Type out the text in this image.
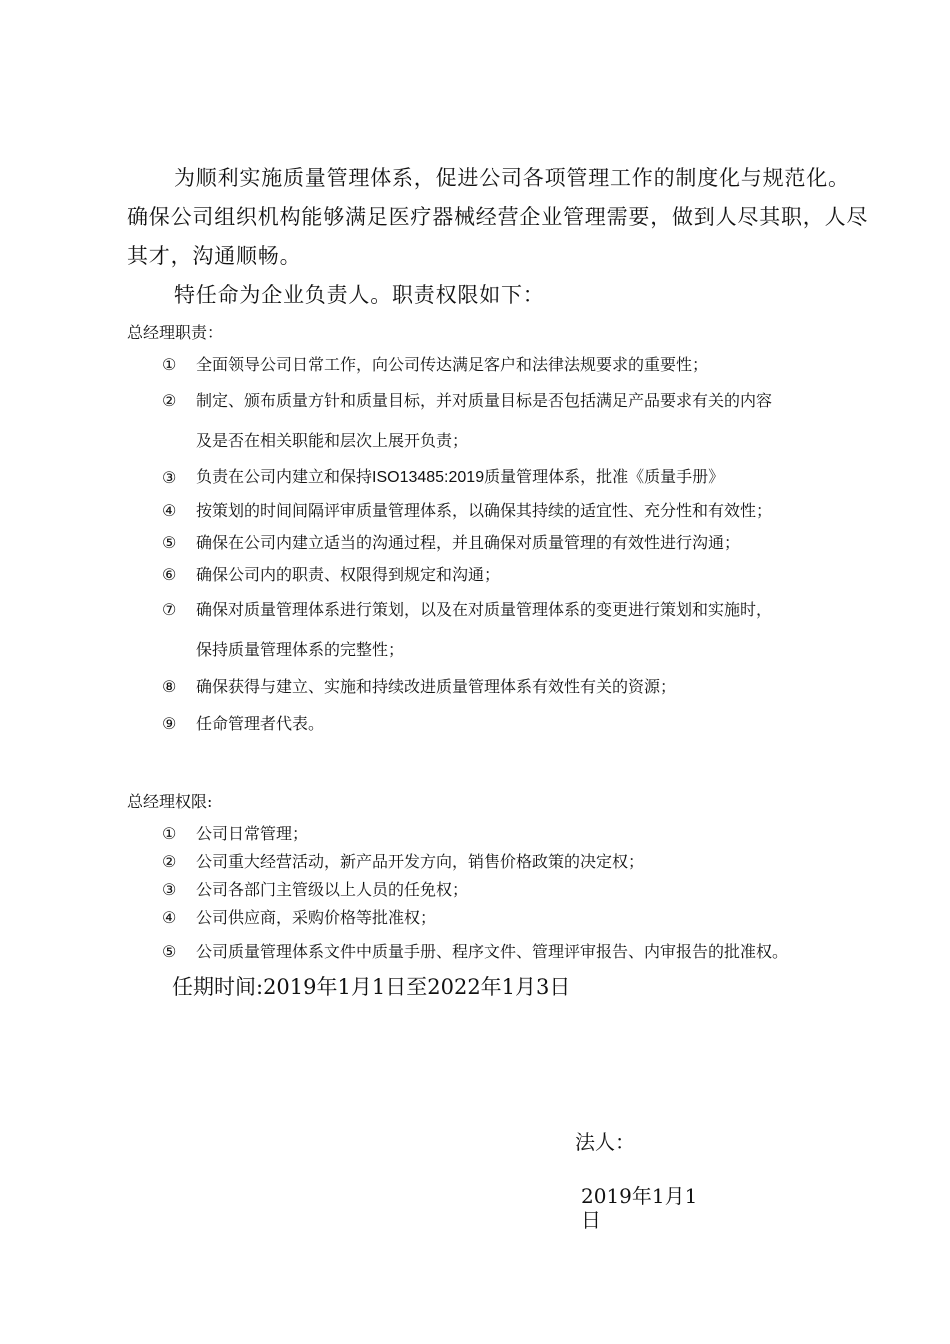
为顺利实施质量管理体系，促进公司各项管理工作的制度化与规范化。
确保公司组织机构能够满足医疗器械经营企业管理需要，做到人尽其职，人尽
其才，沟通顺畅。
特任命为企业负责人。职责权限如下：
总经理职责：
①	全面领导公司日常工作，向公司传达满足客户和法律法规要求的重要性；
②	制定、颁布质量方针和质量目标，并对质量目标是否包括满足产品要求有关的内容
及是否在相关职能和层次上展开负责；
③	负责在公司内建立和保持ISO13485:2019质量管理体系，批准《质量手册》
④	按策划的时间间隔评审质量管理体系，以确保其持续的适宜性、充分性和有效性；
⑤	确保在公司内建立适当的沟通过程，并且确保对质量管理的有效性进行沟通；
⑥	确保公司内的职责、权限得到规定和沟通；
⑦	确保对质量管理体系进行策划，以及在对质量管理体系的变更进行策划和实施时，
保持质量管理体系的完整性；
⑧	确保获得与建立、实施和持续改进质量管理体系有效性有关的资源；
⑨	任命管理者代表。
总经理权限:
①	公司日常管理；
②	公司重大经营活动，新产品开发方向，销售价格政策的决定权；
③	公司各部门主管级以上人员的任免权；
④	公司供应商，采购价格等批准权；
⑤	公司质量管理体系文件中质量手册、程序文件、管理评审报告、内审报告的批准权。
任期时间:2019年1月1日至2022年1月3日
法人：
2019年1月1
日
